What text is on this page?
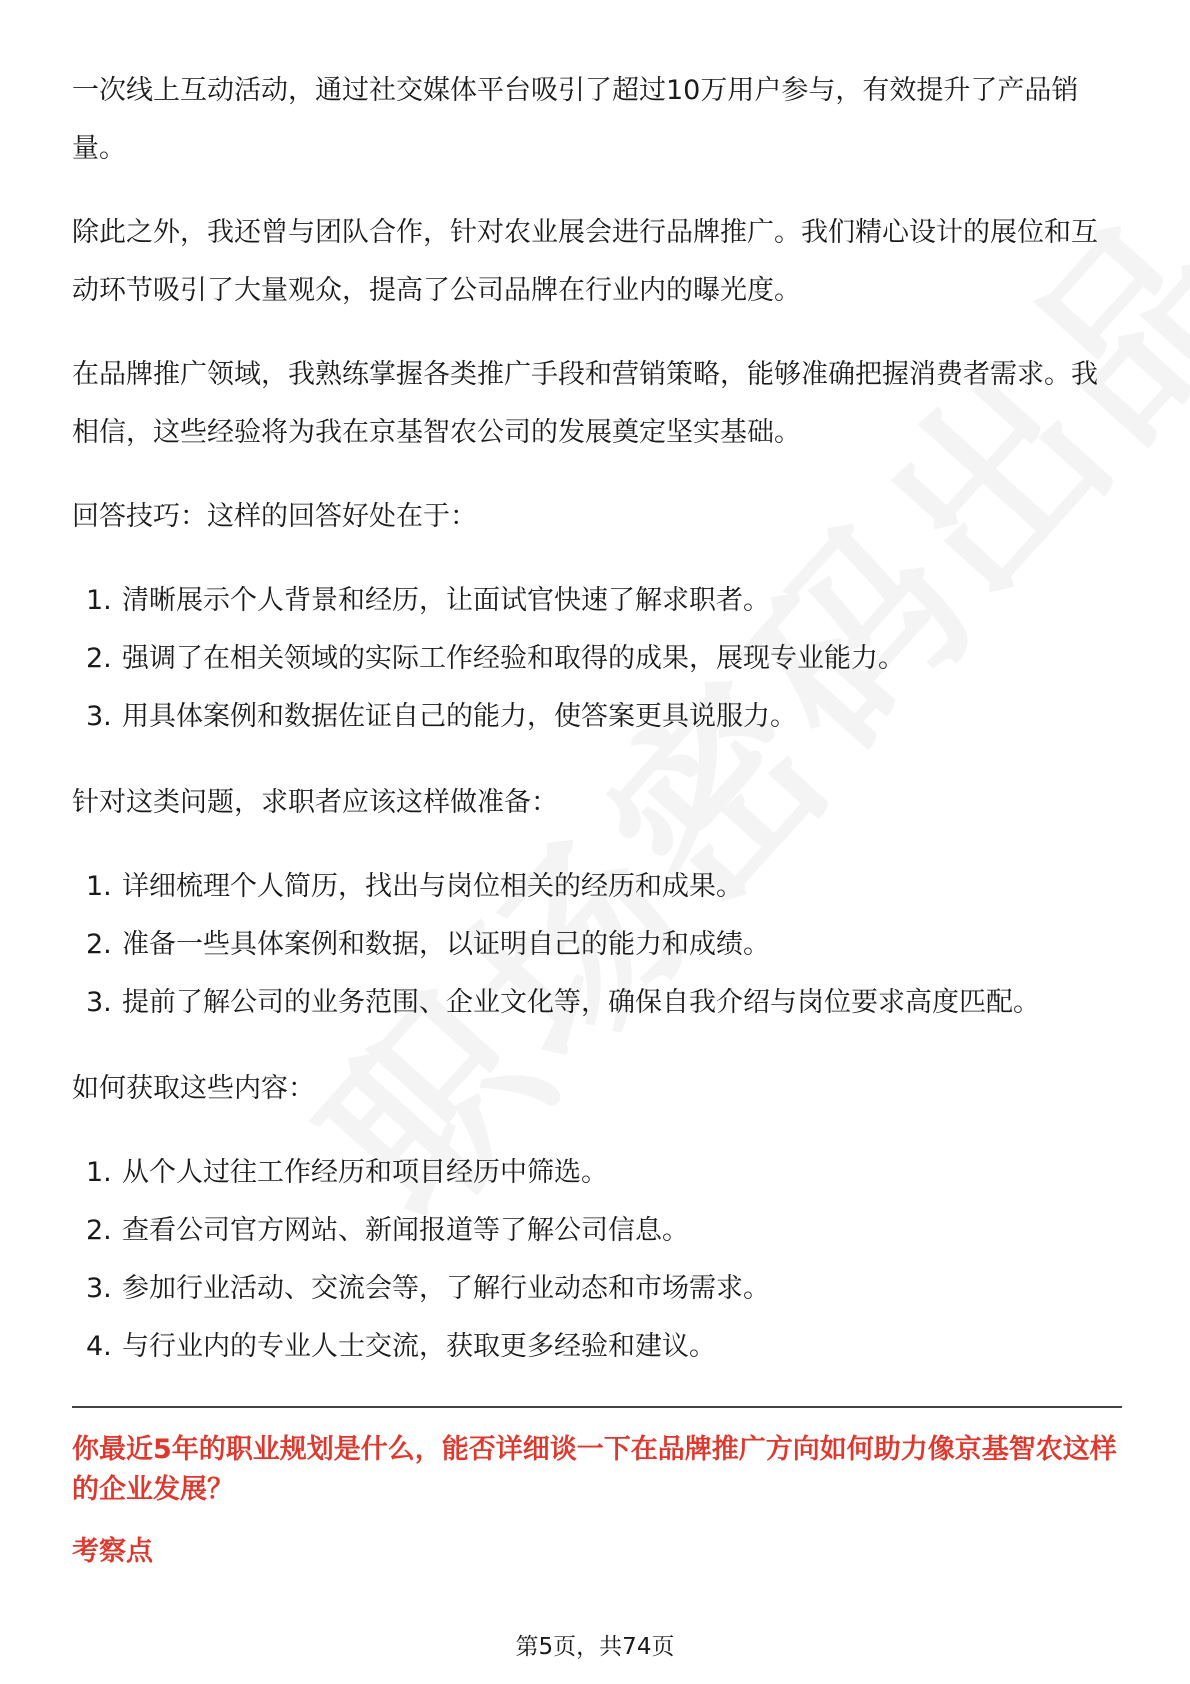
一次线上互动活动，通过社交媒体平台吸引了超过10万用户参与，有效提升了产品销量。

除此之外，我还曾与团队合作，针对农业展会进行品牌推广。我们精心设计的展位和互动环节吸引了大量观众，提高了公司品牌在行业内的曝光度。

在品牌推广领域，我熟练掌握各类推广手段和营销策略，能够准确把握消费者需求。我相信，这些经验将为我在京基智农公司的发展奠定坚实基础。

回答技巧：这样的回答好处在于：

1. 清晰展示个人背景和经历，让面试官快速了解求职者。
2. 强调了在相关领域的实际工作经验和取得的成果，展现专业能力。
3. 用具体案例和数据佐证自己的能力，使答案更具说服力。

针对这类问题，求职者应该这样做准备：

1. 详细梳理个人简历，找出与岗位相关的经历和成果。
2. 准备一些具体案例和数据，以证明自己的能力和成绩。
3. 提前了解公司的业务范围、企业文化等，确保自我介绍与岗位要求高度匹配。

如何获取这些内容：

1. 从个人过往工作经历和项目经历中筛选。
2. 查看公司官方网站、新闻报道等了解公司信息。
3. 参加行业活动、交流会等，了解行业动态和市场需求。
4. 与行业内的专业人士交流，获取更多经验和建议。

你最近5年的职业规划是什么，能否详细谈一下在品牌推广方向如何助力像京基智农这样的企业发展？

考察点

第5页，共74页
